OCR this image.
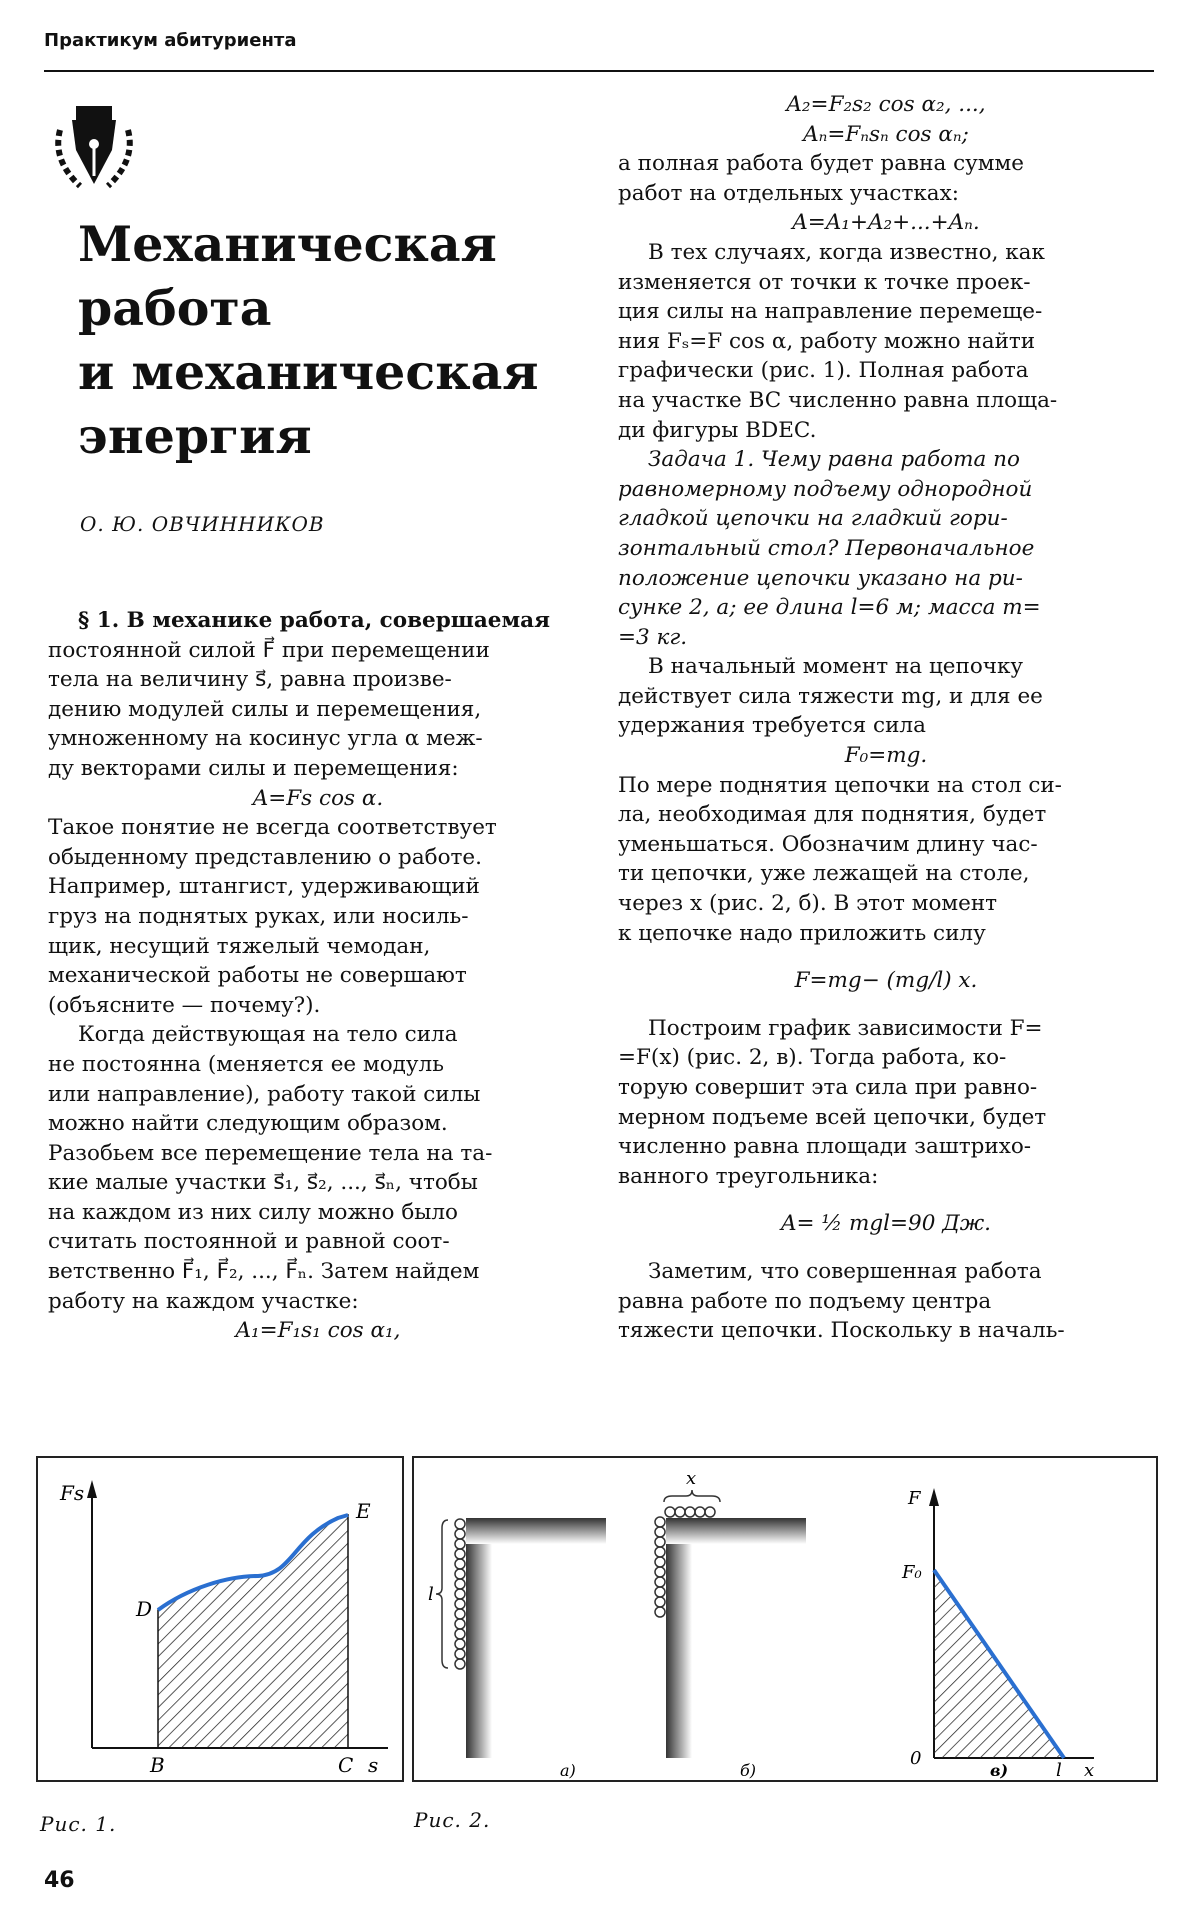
Практикум абитуриента
Механическая
работа
и механическая
энергия
О. Ю. ОВЧИННИКОВ

§ 1. В механике работа, совершаемая

постоянной силой F⃗ при перемещении

тела на величину s⃗, равна произве-

дению модулей силы и перемещения,

умноженному на косинус угла α меж-

ду векторами силы и перемещения:

A=Fs cos α.

Такое понятие не всегда соответствует

обыденному представлению о работе.

Например, штангист, удерживающий

груз на поднятых руках, или носиль-

щик, несущий тяжелый чемодан,

механической работы не совершают

(объясните — почему?).

Когда действующая на тело сила

не постоянна (меняется ее модуль

или направление), работу такой силы

можно найти следующим образом.

Разобьем все перемещение тела на та-

кие малые участки s⃗₁, s⃗₂, ..., s⃗ₙ, чтобы

на каждом из них силу можно было

считать постоянной и равной соот-

ветственно F⃗₁, F⃗₂, ..., F⃗ₙ. Затем найдем

работу на каждом участке:

A₁=F₁s₁ cos α₁,

A₂=F₂s₂ cos α₂, ...,

Aₙ=Fₙsₙ cos αₙ;

а полная работа будет равна сумме

работ на отдельных участках:

A=A₁+A₂+...+Aₙ.

В тех случаях, когда известно, как

изменяется от точки к точке проек-

ция силы на направление перемеще-

ния Fₛ=F cos α, работу можно найти

графически (рис. 1). Полная работа

на участке BC численно равна площа-

ди фигуры BDEC.

Задача 1. Чему равна работа по

равномерному подъему однородной

гладкой цепочки на гладкий гори-

зонтальный стол? Первоначальное

положение цепочки указано на ри-

сунке 2, а; ее длина l=6 м; масса m=

=3 кг.

В начальный момент на цепочку

действует сила тяжести mg, и для ее

удержания требуется сила

F₀=mg.

По мере поднятия цепочки на стол си-

ла, необходимая для поднятия, будет

уменьшаться. Обозначим длину час-

ти цепочки, уже лежащей на столе,

через x (рис. 2, б). В этот момент

к цепочке надо приложить силу

F=mg− (mg/l) x.

Построим график зависимости F=

=F(x) (рис. 2, в). Тогда работа, ко-

торую совершит эта сила при равно-

мерном подъеме всей цепочки, будет

численно равна площади заштрихо-

ванного треугольника:

A= ½ mgl=90 Дж.

Заметим, что совершенная работа

равна работе по подъему центра

тяжести цепочки. Поскольку в началь-

Fs
D
E
B	C s
l
а)
x
б)
F
F₀
0
l x
в)
Рис. 1.	Рис. 2.
46
